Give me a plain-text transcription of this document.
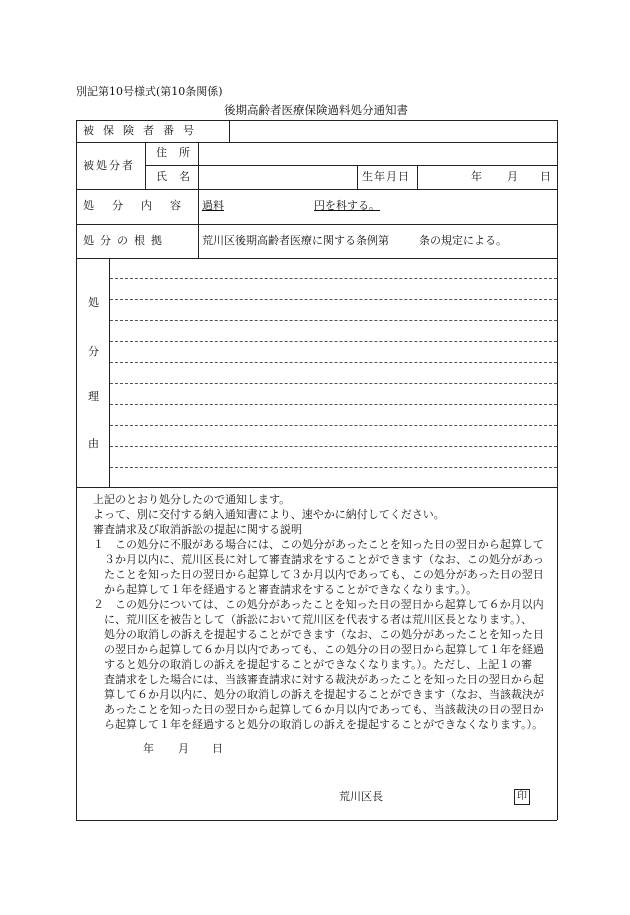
別記第10号様式(第10条関係)
後期高齢者医療保険過料処分通知書
被保険者番号
被処分者
住所
氏名	生年月日	年 月 日
処分内容 過料	円を科する。
処分の根拠	荒川区後期高齢者医療に関する条例第	条の規定による。
処
分
理
由
上記のとおり処分したので通知します。
よって、別に交付する納入通知書により、速やかに納付してください。
審査請求及び取消訴訟の提起に関する説明
１　この処分に不服がある場合には、この処分があったことを知った日の翌日から起算して
３か月以内に、荒川区長に対して審査請求をすることができます（なお、この処分があっ
たことを知った日の翌日から起算して３か月以内であっても、この処分があった日の翌日
から起算して１年を経過すると審査請求をすることができなくなります。）。
２　この処分については、この処分があったことを知った日の翌日から起算して６か月以内
に、荒川区を被告として（訴訟において荒川区を代表する者は荒川区長となります。）、
処分の取消しの訴えを提起することができます（なお、この処分があったことを知った日
の翌日から起算して６か月以内であっても、この処分の日の翌日から起算して１年を経過
すると処分の取消しの訴えを提起することができなくなります。）。ただし、上記１の審
査請求をした場合には、当該審査請求に対する裁決があったことを知った日の翌日から起
算して６か月以内に、処分の取消しの訴えを提起することができます（なお、当該裁決が
あったことを知った日の翌日から起算して６か月以内であっても、当該裁決の日の翌日か
ら起算して１年を経過すると処分の取消しの訴えを提起することができなくなります。）。
年 月 日
荒川区長	印
